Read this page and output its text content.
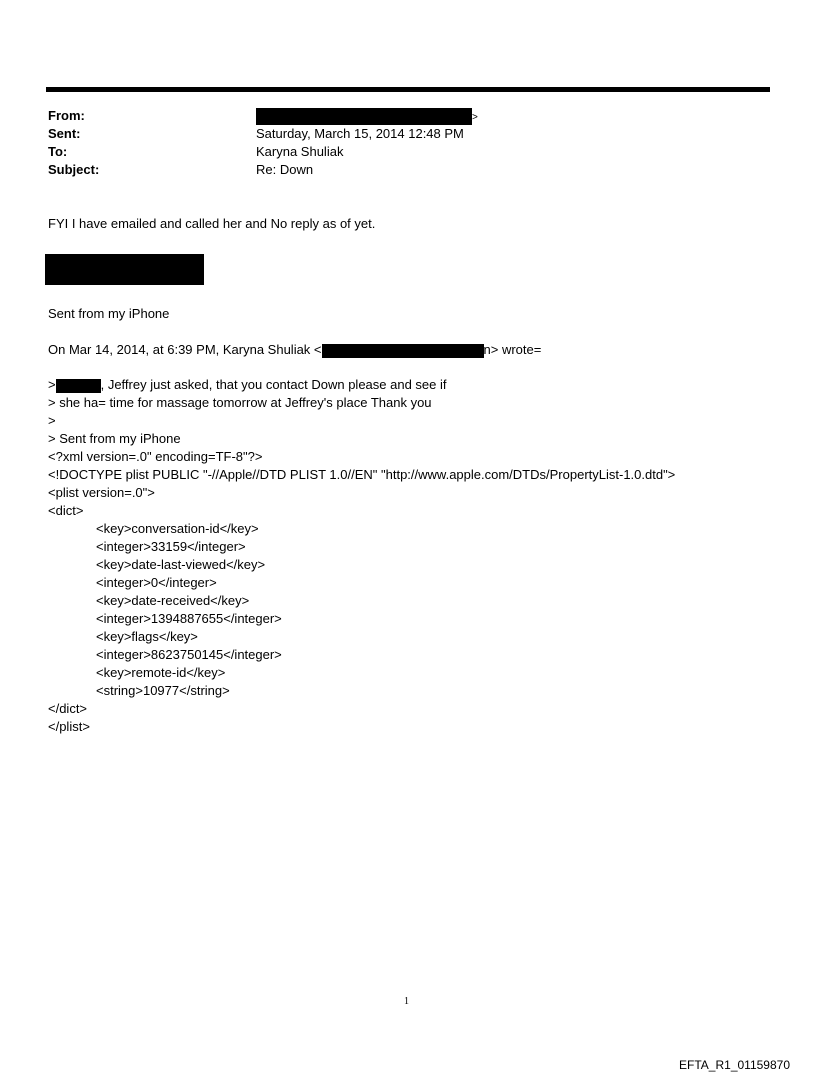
From:	>
Sent:	Saturday, March 15, 2014 12:48 PM
To:	Karyna Shuliak
Subject:	Re: Down
FYI I have emailed and called her and No reply as of yet.
Sent from my iPhone
On Mar 14, 2014, at 6:39 PM, Karyna Shuliak <	n> wrote=
>	, Jeffrey just asked, that you contact Down please and see if
> she ha= time for massage tomorrow at Jeffrey's place Thank you
>
> Sent from my iPhone
<?xml version=.0" encoding=TF-8"?>
<!DOCTYPE plist PUBLIC "-//Apple//DTD PLIST 1.0//EN" "http://www.apple.com/DTDs/PropertyList-1.0.dtd">
<plist version=.0">
<dict>
<key>conversation-id</key>
<integer>33159</integer>
<key>date-last-viewed</key>
<integer>0</integer>
<key>date-received</key>
<integer>1394887655</integer>
<key>flags</key>
<integer>8623750145</integer>
<key>remote-id</key>
<string>10977</string>
</dict>
</plist>
1
EFTA_R1_01159870
